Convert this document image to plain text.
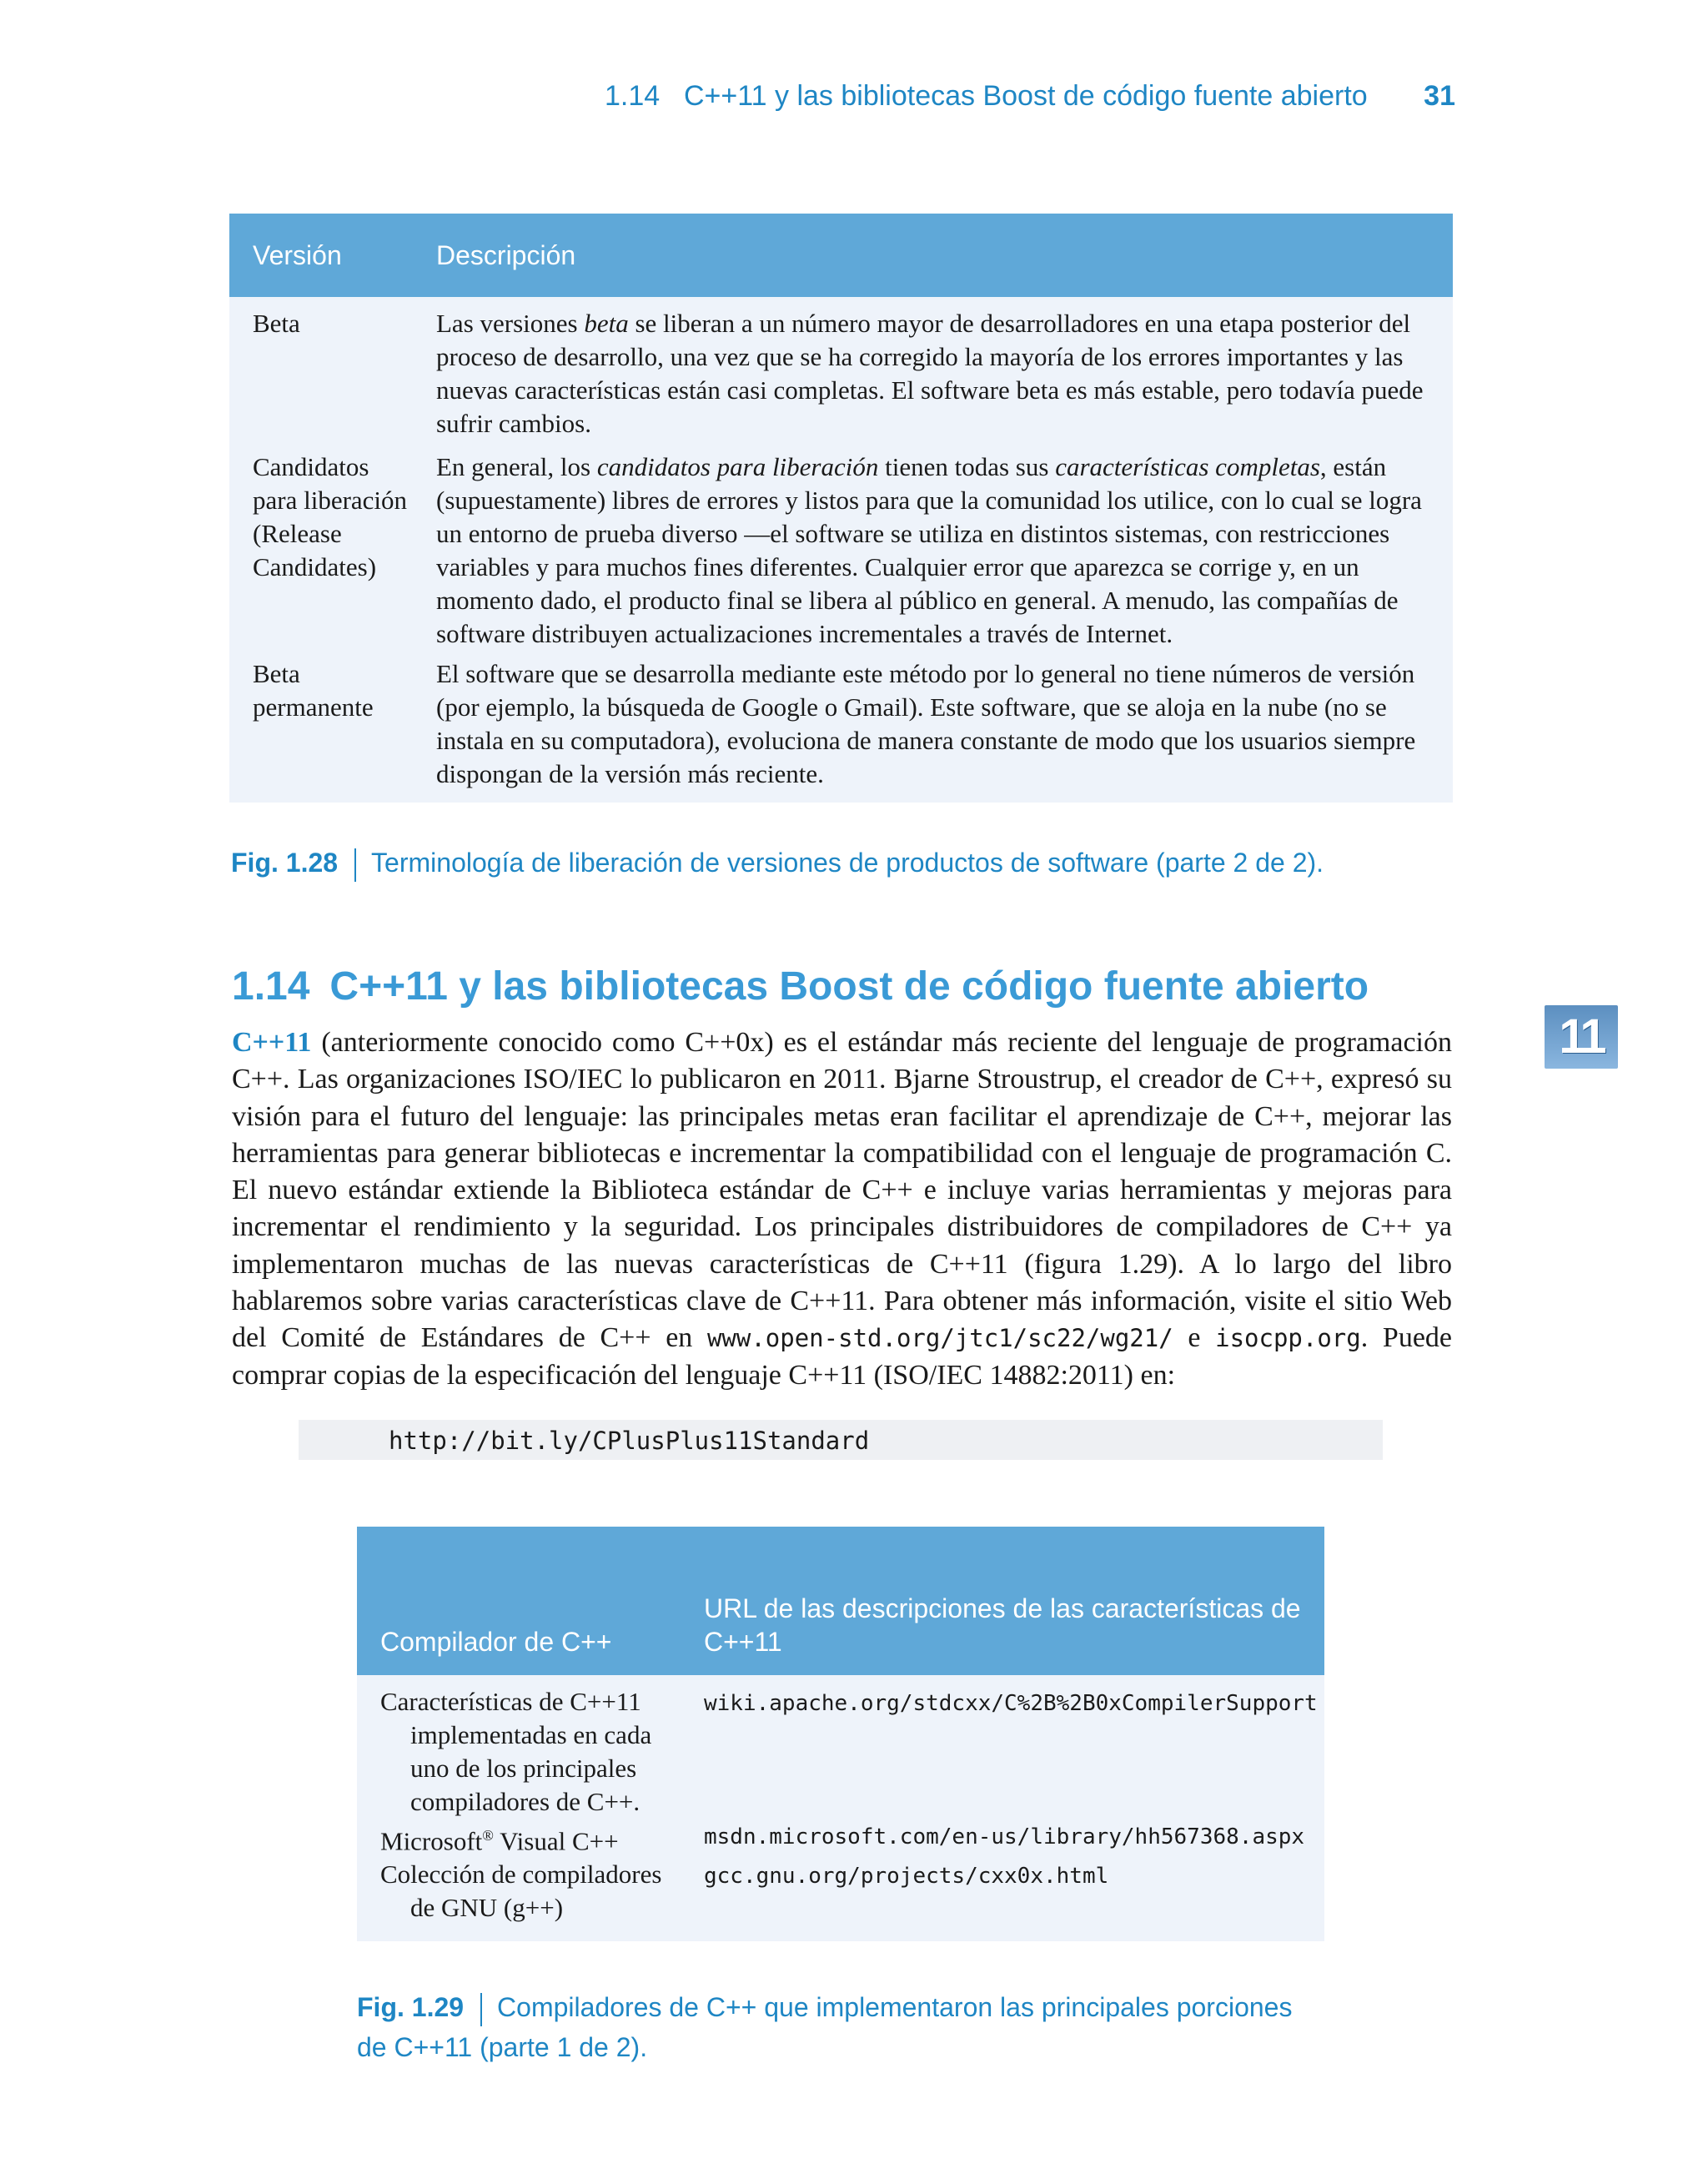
1.14 C++11 y las bibliotecas Boost de código fuente abierto 31
Versión	Descripción
Beta	Las versiones beta se liberan a un número mayor de desarrolladores en una etapa posterior del proceso de desarrollo, una vez que se ha corregido la mayoría de los errores importantes y las nuevas características están casi completas. El software beta es más estable, pero todavía puede sufrir cambios.
Candidatos para liberación (Release Candidates)	En general, los candidatos para liberación tienen todas sus características completas, están (supuestamente) libres de errores y listos para que la comunidad los utilice, con lo cual se logra un entorno de prueba diverso —el software se utiliza en distintos sistemas, con restricciones variables y para muchos fines diferentes. Cualquier error que aparezca se corrige y, en un momento dado, el producto final se libera al público en general. A menudo, las compañías de software distribuyen actualizaciones incrementales a través de Internet.
Beta permanente	El software que se desarrolla mediante este método por lo general no tiene números de versión (por ejemplo, la búsqueda de Google o Gmail). Este software, que se aloja en la nube (no se instala en su computadora), evoluciona de manera constante de modo que los usuarios siempre dispongan de la versión más reciente.
Fig. 1.28 Terminología de liberación de versiones de productos de software (parte 2 de 2).
1.14 C++11 y las bibliotecas Boost de código fuente abierto
11
C++11 (anteriormente conocido como C++0x) es el estándar más reciente del lenguaje de programación C++. Las organizaciones ISO/IEC lo publicaron en 2011. Bjarne Stroustrup, el creador de C++, expresó su visión para el futuro del lenguaje: las principales metas eran facilitar el aprendizaje de C++, mejorar las herramientas para generar bibliotecas e incrementar la compatibilidad con el lenguaje de programación C. El nuevo estándar extiende la Biblioteca estándar de C++ e incluye varias herramientas y mejoras para incrementar el rendimiento y la seguridad. Los principales distribuidores de compiladores de C++ ya implementaron muchas de las nuevas características de C++11 (figura 1.29). A lo largo del libro hablaremos sobre varias características clave de C++11. Para obtener más información, visite el sitio Web del Comité de Estándares de C++ en www.open-std.org/jtc1/sc22/wg21/ e isocpp.org. Puede comprar copias de la especificación del lenguaje C++11 (ISO/IEC 14882:2011) en:
http://bit.ly/CPlusPlus11Standard
Compilador de C++	URL de las descripciones de las características de C++11

Características de C++11 implementadas en cada uno de los principales compiladores de C++.	wiki.apache.org/stdcxx/C%2B%2B0xCompilerSupport

Microsoft® Visual C++	msdn.microsoft.com/en-us/library/hh567368.aspx

Colección de compiladores de GNU (g++)	gcc.gnu.org/projects/cxx0x.html
Fig. 1.29 Compiladores de C++ que implementaron las principales porciones
de C++11 (parte 1 de 2).
